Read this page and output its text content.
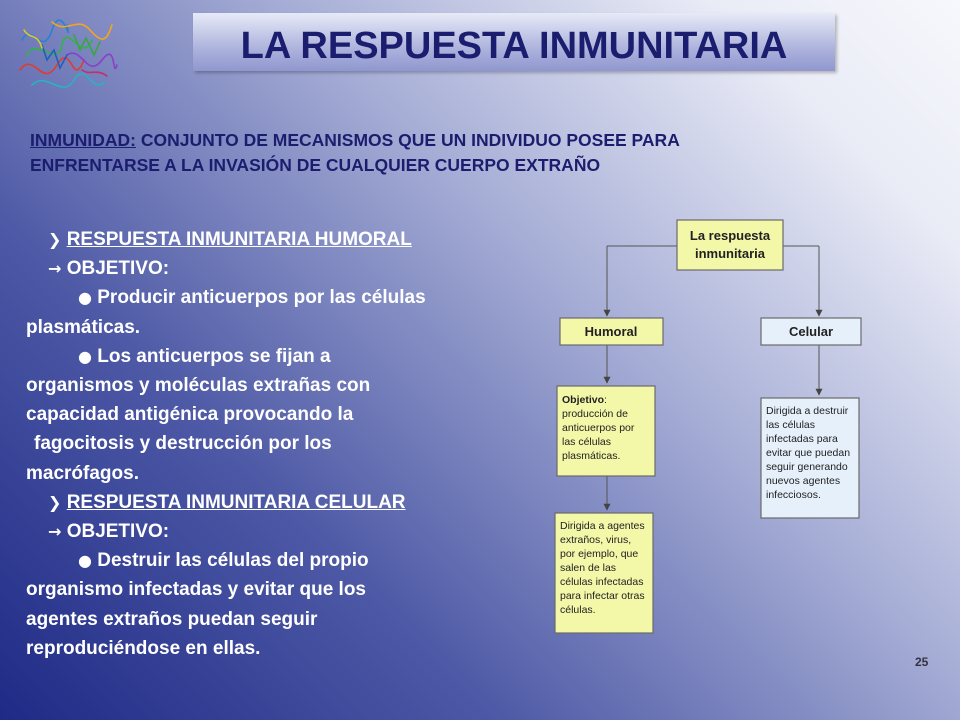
LA RESPUESTA INMUNITARIA
INMUNIDAD: CONJUNTO DE MECANISMOS QUE UN INDIVIDUO POSEE PARA
ENFRENTARSE A LA INVASIÓN DE CUALQUIER CUERPO EXTRAÑO
❯ RESPUESTA INMUNITARIA HUMORAL
→ OBJETIVO:
● Producir anticuerpos por las células
plasmáticas.
● Los anticuerpos se fijan a
organismos y moléculas extrañas con
capacidad antigénica provocando la
fagocitosis y destrucción por los
macrófagos.
❯ RESPUESTA INMUNITARIA CELULAR
→ OBJETIVO:
● Destruir las células del propio
organismo infectadas y evitar que los
agentes extraños puedan seguir
reproduciéndose en ellas.
La respuesta
inmunitaria
Humoral	Celular
Objetivo:
producción de
anticuerpos por
las células
plasmáticas.
Dirigida a agentes
extraños, virus,
por ejemplo, que
salen de las
células infectadas
para infectar otras
células.
Dirigida a destruir
las células
infectadas para
evitar que puedan
seguir generando
nuevos agentes
infecciosos.
25
